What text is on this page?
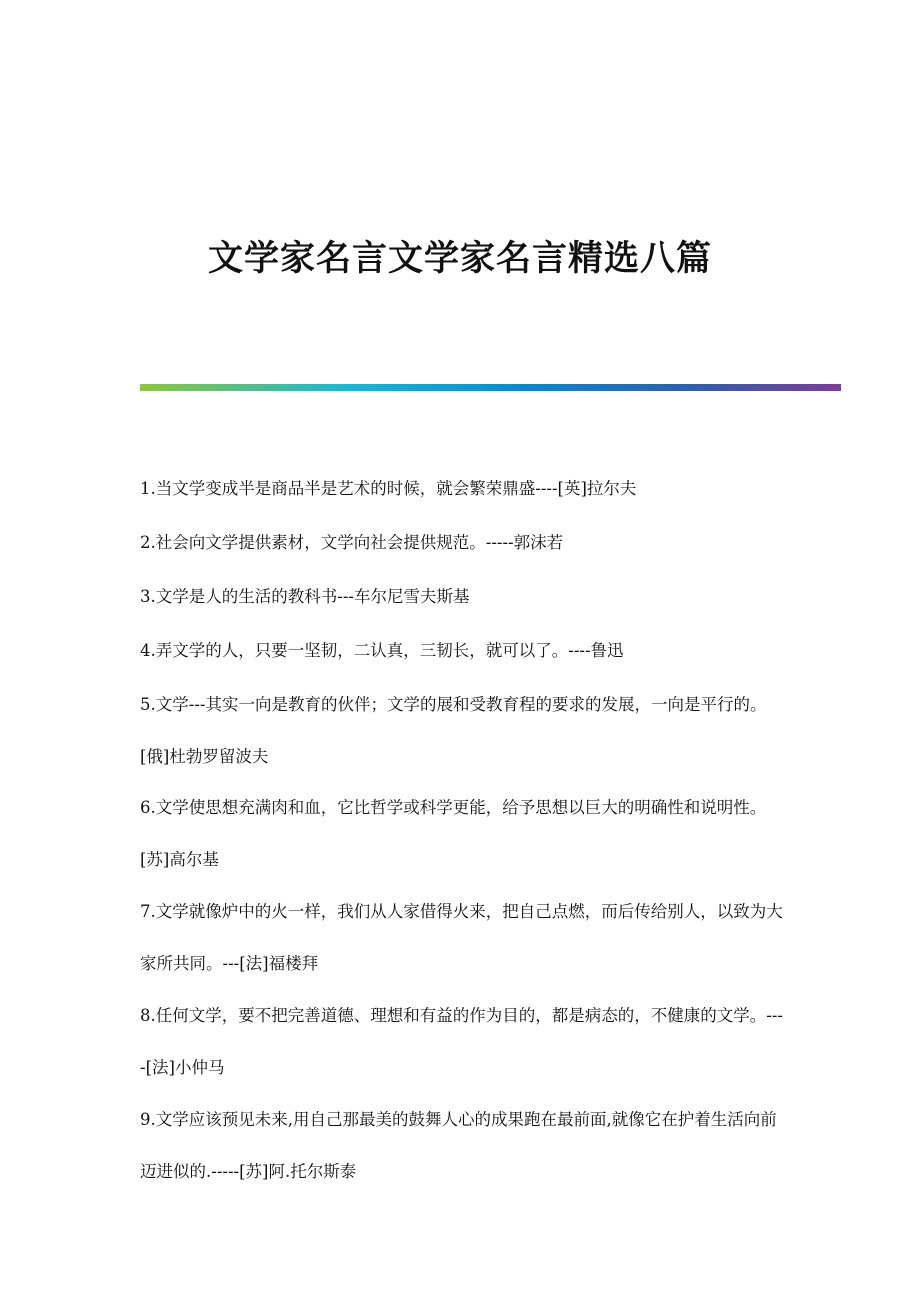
文学家名言文学家名言精选八篇

1.当文学变成半是商品半是艺术的时候，就会繁荣鼎盛----[英]拉尔夫

2.社会向文学提供素材，文学向社会提供规范。-----郭沫若

3.文学是人的生活的教科书---车尔尼雪夫斯基

4.弄文学的人，只要一坚韧，二认真，三韧长，就可以了。----鲁迅

5.文学---其实一向是教育的伙伴；文学的展和受教育程的要求的发展，一向是平行的。[俄]杜勃罗留波夫

6.文学使思想充满肉和血，它比哲学或科学更能，给予思想以巨大的明确性和说明性。[苏]高尔基

7.文学就像炉中的火一样，我们从人家借得火来，把自己点燃，而后传给别人，以致为大家所共同。---[法]福楼拜

8.任何文学，要不把完善道德、理想和有益的作为目的，都是病态的，不健康的文学。----[法]小仲马

9.文学应该预见未来,用自己那最美的鼓舞人心的成果跑在最前面,就像它在护着生活向前迈进似的.-----[苏]阿.托尔斯泰
